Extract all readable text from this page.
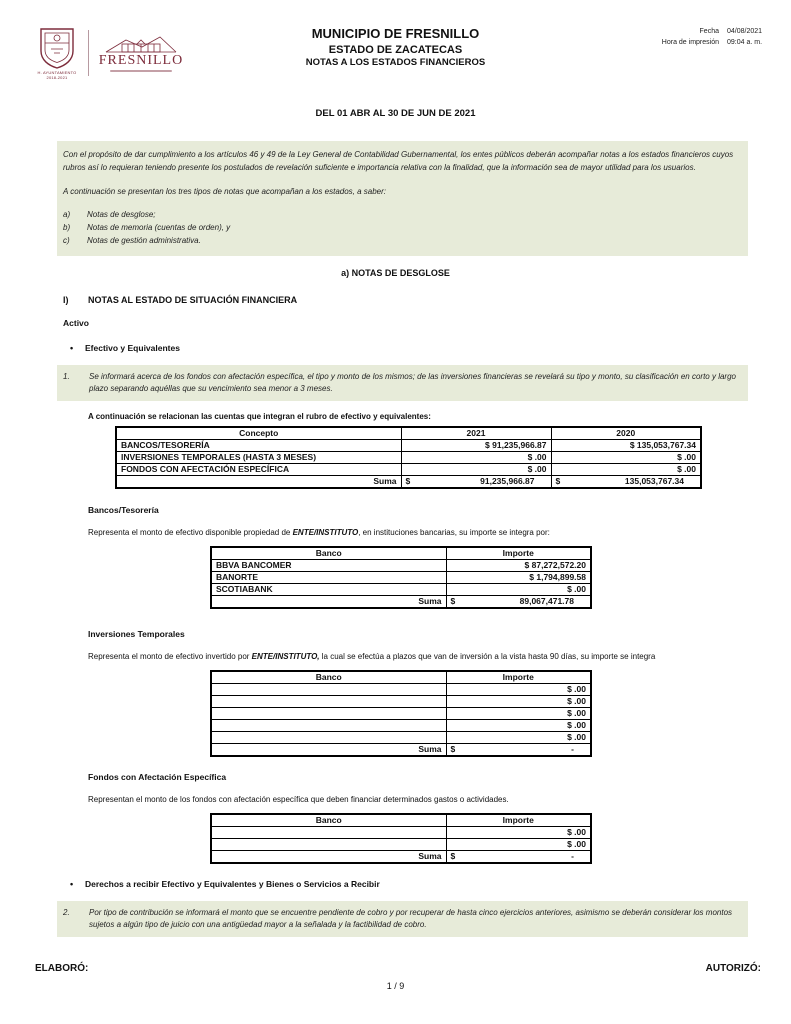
H. AYUNTAMIENTO
2018-2021
FRESNILLO
MUNICIPIO DE FRESNILLO
ESTADO DE ZACATECAS
NOTAS A LOS ESTADOS FINANCIEROS
Fecha 04/08/2021
Hora de impresión 09:04 a. m.
DEL 01 ABR AL 30 DE JUN DE 2021

Con el propósito de dar cumplimiento a los artículos 46 y 49 de la Ley General de Contabilidad Gubernamental, los entes públicos deberán acompañar notas a los estados financieros cuyos rubros así lo requieran teniendo presente los postulados de revelación suficiente e importancia relativa con la finalidad, que la información sea de mayor utilidad para los usuarios.

A continuación se presentan los tres tipos de notas que acompañan a los estados, a saber:

a)	Notas de desglose;
b)	Notas de memoria (cuentas de orden), y
c)	Notas de gestión administrativa.
a) NOTAS DE DESGLOSE
I)	NOTAS AL ESTADO DE SITUACIÓN FINANCIERA
Activo
•
Efectivo y Equivalentes
1.	Se informará acerca de los fondos con afectación específica, el tipo y monto de los mismos; de las inversiones financieras se revelará su tipo y monto, su clasificación en corto y largo plazo separando aquéllas que su vencimiento sea menor a 3 meses.
A continuación se relacionan las cuentas que integran el rubro de efectivo y equivalentes:
Concepto	2021	2020
BANCOS/TESORERÍA	$ 91,235,966.87	$ 135,053,767.34
INVERSIONES TEMPORALES (HASTA 3 MESES)	$ .00	$ .00
FONDOS CON AFECTACIÓN ESPECÍFICA	$ .00	$ .00
Suma	$ 91,235,966.87	$ 135,053,767.34
Bancos/Tesorería
Representa el monto de efectivo disponible propiedad de ENTE/INSTITUTO, en instituciones bancarias, su importe se integra por:
Banco	Importe
BBVA BANCOMER	$ 87,272,572.20
BANORTE	$ 1,794,899.58
SCOTIABANK	$ .00
Suma	$ 89,067,471.78
Inversiones Temporales
Representa el monto de efectivo invertido por ENTE/INSTITUTO, la cual se efectúa a plazos que van de inversión a la vista hasta 90 días, su importe se integra
Banco	Importe
	$ .00
	$ .00
	$ .00
	$ .00
	$ .00
Suma	$ -
Fondos con Afectación Específica
Representan el monto de los fondos con afectación específica que deben financiar determinados gastos o actividades.
Banco	Importe
	$ .00
	$ .00
Suma	$ -
•
Derechos a recibir Efectivo y Equivalentes y Bienes o Servicios a Recibir
2.	Por tipo de contribución se informará el monto que se encuentre pendiente de cobro y por recuperar de hasta cinco ejercicios anteriores, asimismo se deberán considerar los montos sujetos a algún tipo de juicio con una antigüedad mayor a la señalada y la factibilidad de cobro.
ELABORÓ:	AUTORIZÓ:
1 / 9
